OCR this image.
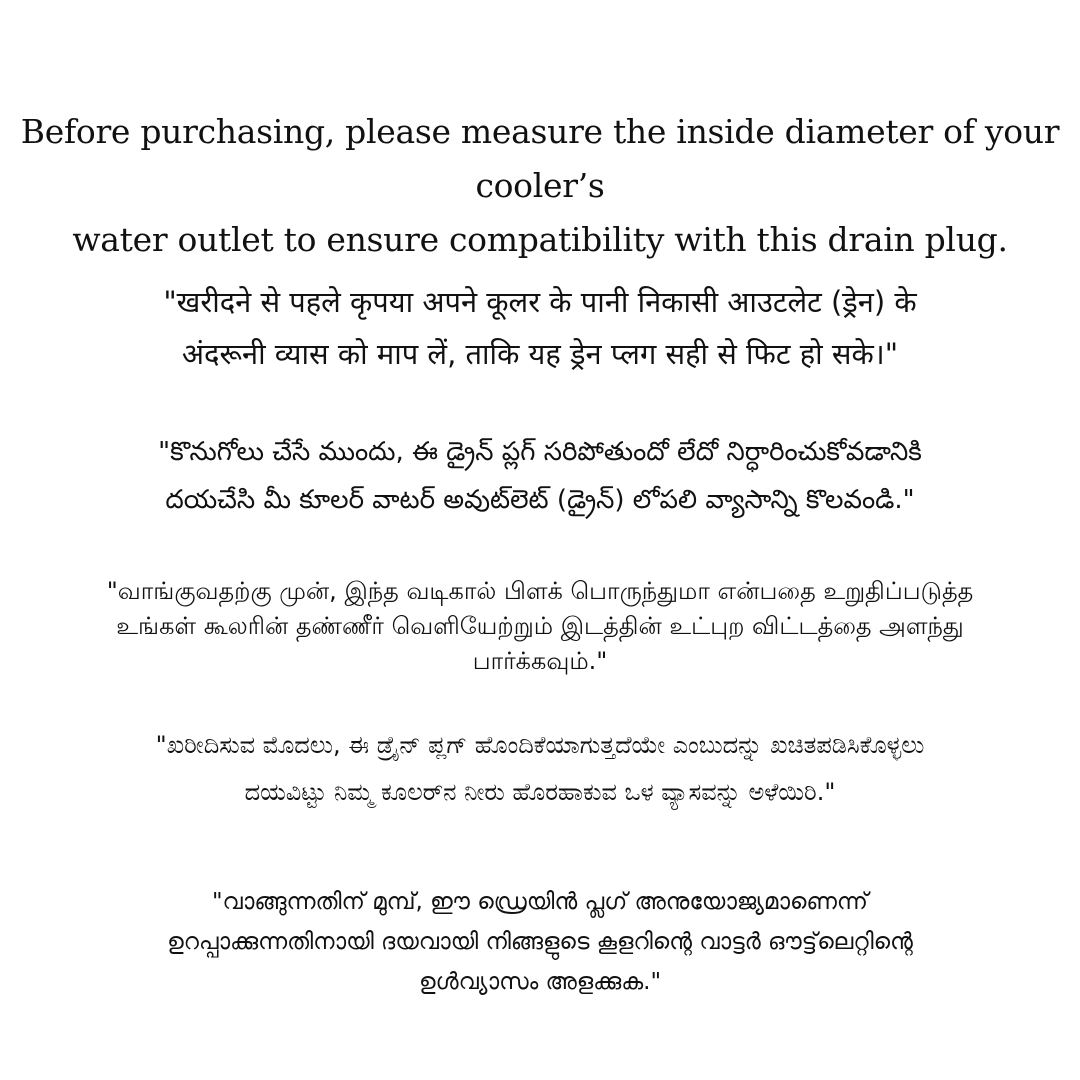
Before purchasing, please measure the inside diameter of your cooler’s
water outlet to ensure compatibility with this drain plug.
"खरीदने से पहले कृपया अपने कूलर के पानी निकासी आउटलेट (ड्रेन) के
अंदरूनी व्यास को माप लें, ताकि यह ड्रेन प्लग सही से फिट हो सके।"
"కొనుగోలు చేసే ముందు, ఈ డ్రైన్ ప్లగ్ సరిపోతుందో లేదో నిర్ధారించుకోవడానికి
దయచేసి మీ కూలర్ వాటర్ అవుట్‌లెట్ (డ్రైన్) లోపలి వ్యాసాన్ని కొలవండి."
"வாங்குவதற்கு முன், இந்த வடிகால் பிளக் பொருந்துமா என்பதை உறுதிப்படுத்த
உங்கள் கூலரின் தண்ணீர் வெளியேற்றும் இடத்தின் உட்புற விட்டத்தை அளந்து
பார்க்கவும்."
"ಖರೀದಿಸುವ ಮೊದಲು, ಈ ಡ್ರೈನ್ ಪ್ಲಗ್ ಹೊಂದಿಕೆಯಾಗುತ್ತದೆಯೇ ಎಂಬುದನ್ನು ಖಚಿತಪಡಿಸಿಕೊಳ್ಳಲು
ದಯವಿಟ್ಟು ನಿಮ್ಮ ಕೂಲರ್‌ನ ನೀರು ಹೊರಹಾಕುವ ಒಳ ವ್ಯಾಸವನ್ನು ಅಳೆಯಿರಿ."
"വാങ്ങുന്നതിന് മുമ്പ്, ഈ ഡ്രെയിൻ പ്ലഗ് അനുയോജ്യമാണെന്ന്
ഉറപ്പാക്കുന്നതിനായി ദയവായി നിങ്ങളുടെ കൂളറിന്റെ വാട്ടർ ഔട്ട്‌ലെറ്റിന്റെ
ഉൾവ്യാസം അളക്കുക."
